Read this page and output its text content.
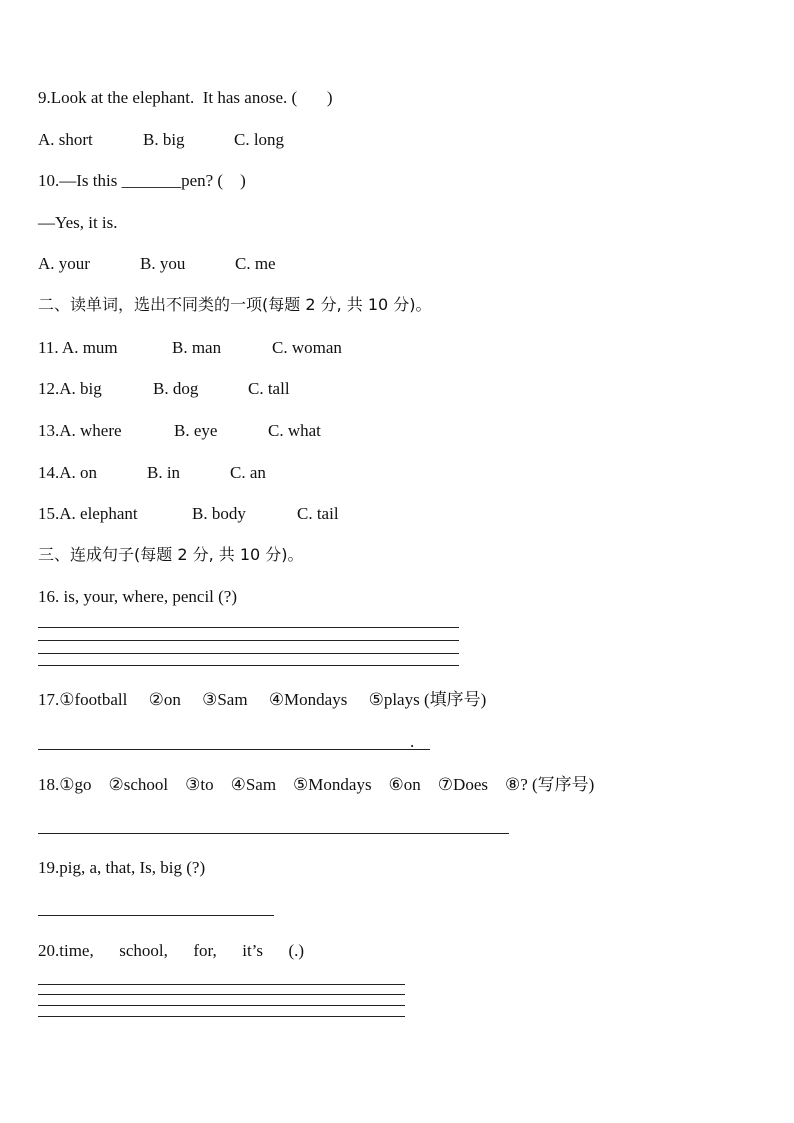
9.Look at the elephant.  It has anose. (       )
A. short	B. big	C. long
10.—Is this _______pen? (    )
—Yes, it is.
A. your	B. you	C. me
二、读单词，选出不同类的一项(每题 2 分, 共 10 分)。
11. A. mum	B. man	C. woman
12.A. big	B. dog	C. tall
13.A. where	B. eye	C. what
14.A. on	B. in	C. an
15.A. elephant	B. body	C. tail
三、连成句子(每题 2 分, 共 10 分)。
16. is, your, where, pencil (?)
17.①football     ②on     ③Sam     ④Mondays     ⑤plays (填序号)
.
18.①go    ②school    ③to    ④Sam    ⑤Mondays    ⑥on    ⑦Does    ⑧? (写序号)
19.pig, a, that, Is, big (?)
20.time,      school,      for,      it’s      (.)
